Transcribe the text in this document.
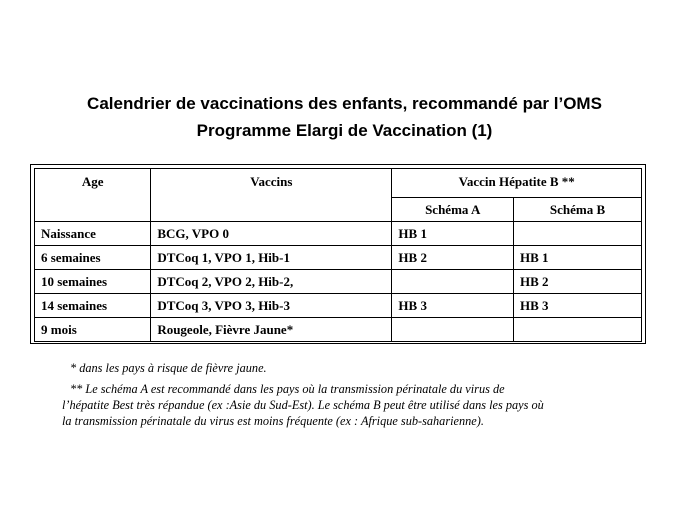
Calendrier de vaccinations des enfants, recommandé par l’OMS
Programme Elargi de Vaccination (1)
Age	Vaccins	Vaccin Hépatite B **	
		Schéma A	Schéma B
Naissance	BCG, VPO 0	HB 1	
6 semaines	DTCoq 1, VPO 1, Hib-1	HB 2	HB 1
10 semaines	DTCoq 2, VPO 2, Hib-2,		HB 2
14 semaines	DTCoq 3, VPO 3, Hib-3	HB 3	HB 3
9 mois	Rougeole, Fièvre Jaune*		

* dans les pays à risque de fièvre jaune.

** Le schéma A est recommandé dans les pays où la transmission périnatale du virus de

l’hépatite Best très répandue (ex :Asie du Sud-Est). Le schéma B peut être utilisé dans les pays où

la transmission périnatale du virus est moins fréquente (ex : Afrique sub-saharienne).
